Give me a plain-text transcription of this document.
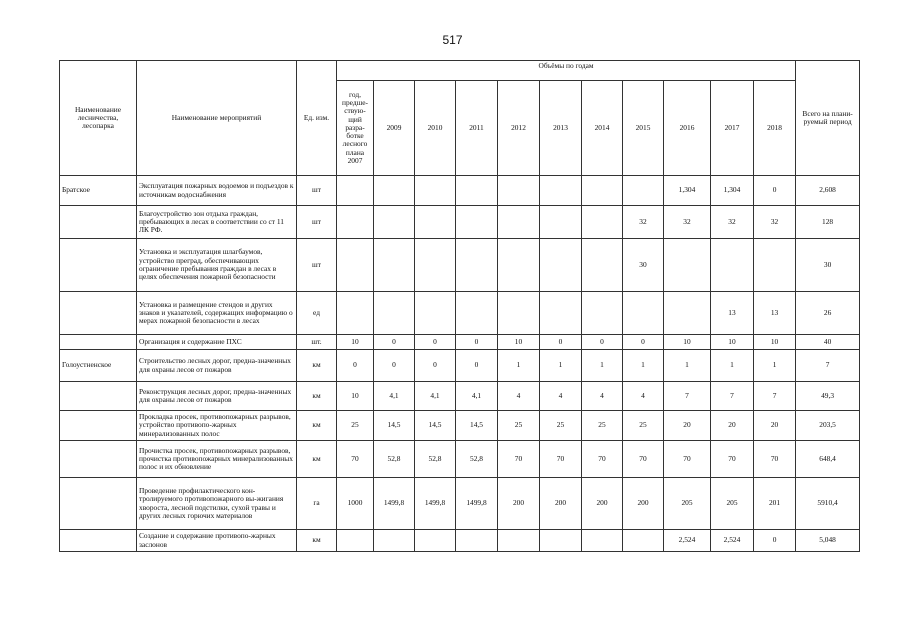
517
Наименование лесничества, лесопарка	Наименование мероприятий	Ед. изм.	Объёмы по годам											Всего на плани-руемый период
			год, предше-ствую-щий разра-ботке лесного плана 2007	2009	2010	2011	2012	2013	2014	2015	2016	2017	2018	
Братское	Эксплуатация пожарных водоемов и подъездов к источникам водоснабжения	шт									1,304	1,304	0	2,608
	Благоустройство зон отдыха граждан, пребывающих в лесах в соответствии со ст 11 ЛК РФ.	шт								32	32	32	32	128
	Установка и эксплуатация шлагбаумов, устройство преград, обеспечивающих ограничение пребывания граждан в лесах в целях обеспечения пожарной безопасности	шт								30				30
	Установка и размещение стендов и других знаков и указателей, содержащих информацию о мерах пожарной безопасности в лесах	ед										13	13	26
	Организация и содержание ПХС	шт.	10	0	0	0	10	0	0	0	10	10	10	40
Голоустненское	Строительство лесных дорог, предна-значенных для охраны лесов от пожаров	км	0	0	0	0	1	1	1	1	1	1	1	7
	Реконструкция лесных дорог, предна-значенных для охраны лесов от пожаров	км	10	4,1	4,1	4,1	4	4	4	4	7	7	7	49,3
	Прокладка просек, противопожарных разрывов, устройство противопо-жарных минерализованных полос	км	25	14,5	14,5	14,5	25	25	25	25	20	20	20	203,5
	Прочистка просек, противопожарных разрывов, прочистка противопожарных минерализованных полос и их обновление	км	70	52,8	52,8	52,8	70	70	70	70	70	70	70	648,4
	Проведение профилактического кон-тролируемого противопожарного вы-жигания хвороста, лесной подстилки, сухой травы и других лесных горючих материалов	га	1000	1499,8	1499,8	1499,8	200	200	200	200	205	205	201	5910,4
	Создание и содержание противопо-жарных заслонов	км									2,524	2,524	0	5,048
